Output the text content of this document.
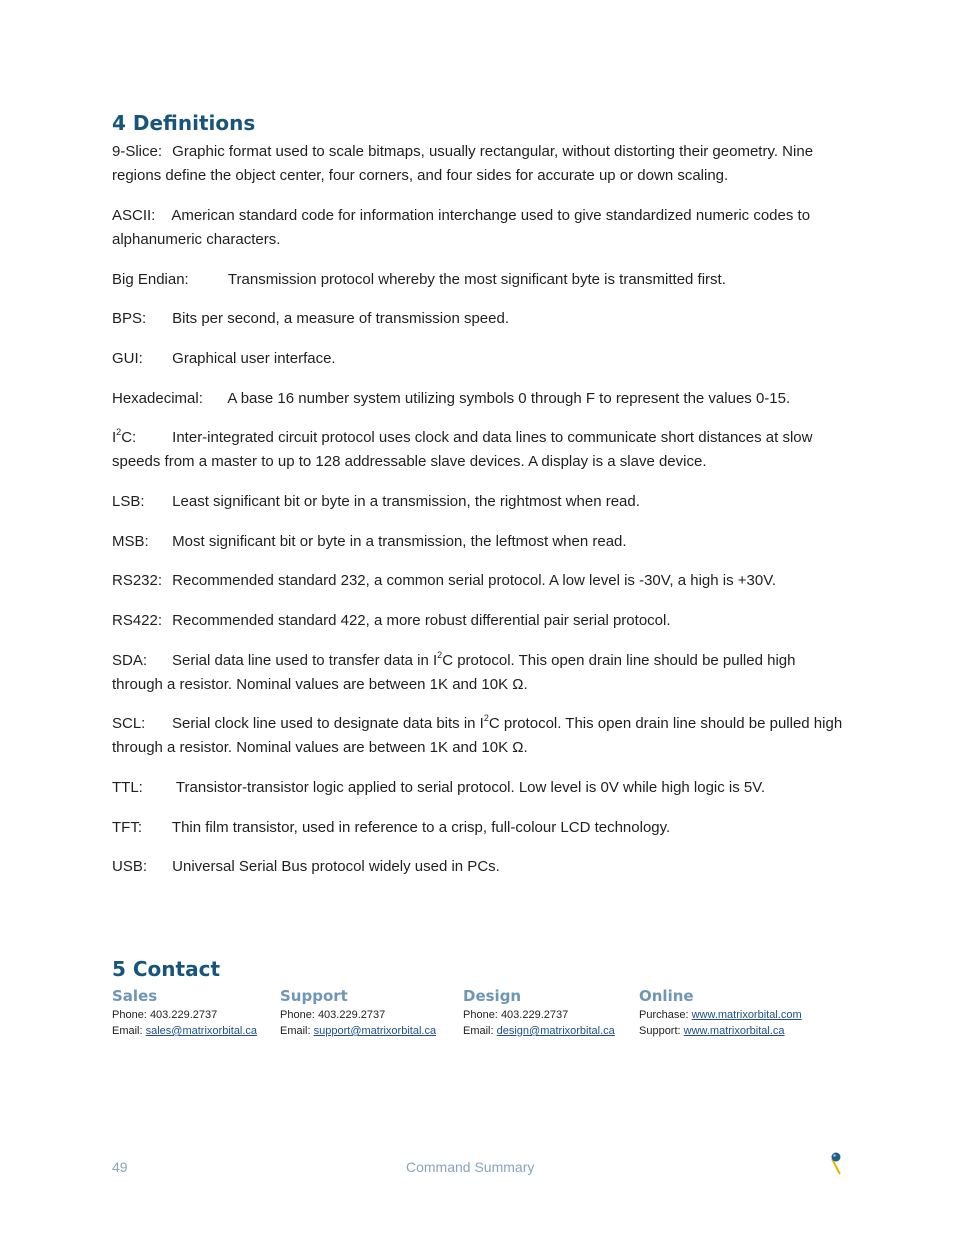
4 Definitions
9-Slice: Graphic format used to scale bitmaps, usually rectangular, without distorting their geometry. Nine regions define the object center, four corners, and four sides for accurate up or down scaling.
ASCII: American standard code for information interchange used to give standardized numeric codes to alphanumeric characters.
Big Endian:	Transmission protocol whereby the most significant byte is transmitted first.
BPS: Bits per second, a measure of transmission speed.
GUI: Graphical user interface.
Hexadecimal: A base 16 number system utilizing symbols 0 through F to represent the values 0-15.
$I^2C$: Inter-integrated circuit protocol uses clock and data lines to communicate short distances at slow speeds from a master to up to 128 addressable slave devices. A display is a slave device.
LSB: Least significant bit or byte in a transmission, the rightmost when read.
MSB: Most significant bit or byte in a transmission, the leftmost when read.
RS232: Recommended standard 232, a common serial protocol. A low level is -30V, a high is +30V.
RS422: Recommended standard 422, a more robust differential pair serial protocol.
SDA: Serial data line used to transfer data in $I^2C$ protocol. This open drain line should be pulled high through a resistor. Nominal values are between 1K and 10K Ω.
SCL: Serial clock line used to designate data bits in $I^2C$ protocol. This open drain line should be pulled high through a resistor. Nominal values are between 1K and 10K Ω.
TTL: Transistor-transistor logic applied to serial protocol. Low level is 0V while high logic is 5V.
TFT: Thin film transistor, used in reference to a crisp, full-colour LCD technology.
USB: Universal Serial Bus protocol widely used in PCs.
5 Contact
Sales
Phone: 403.229.2737
Email: sales@matrixorbital.ca
Support
Phone: 403.229.2737
Email: support@matrixorbital.ca
Design
Phone: 403.229.2737
Email: design@matrixorbital.ca
Online
Purchase: www.matrixorbital.com
Support: www.matrixorbital.ca
49	Command Summary
